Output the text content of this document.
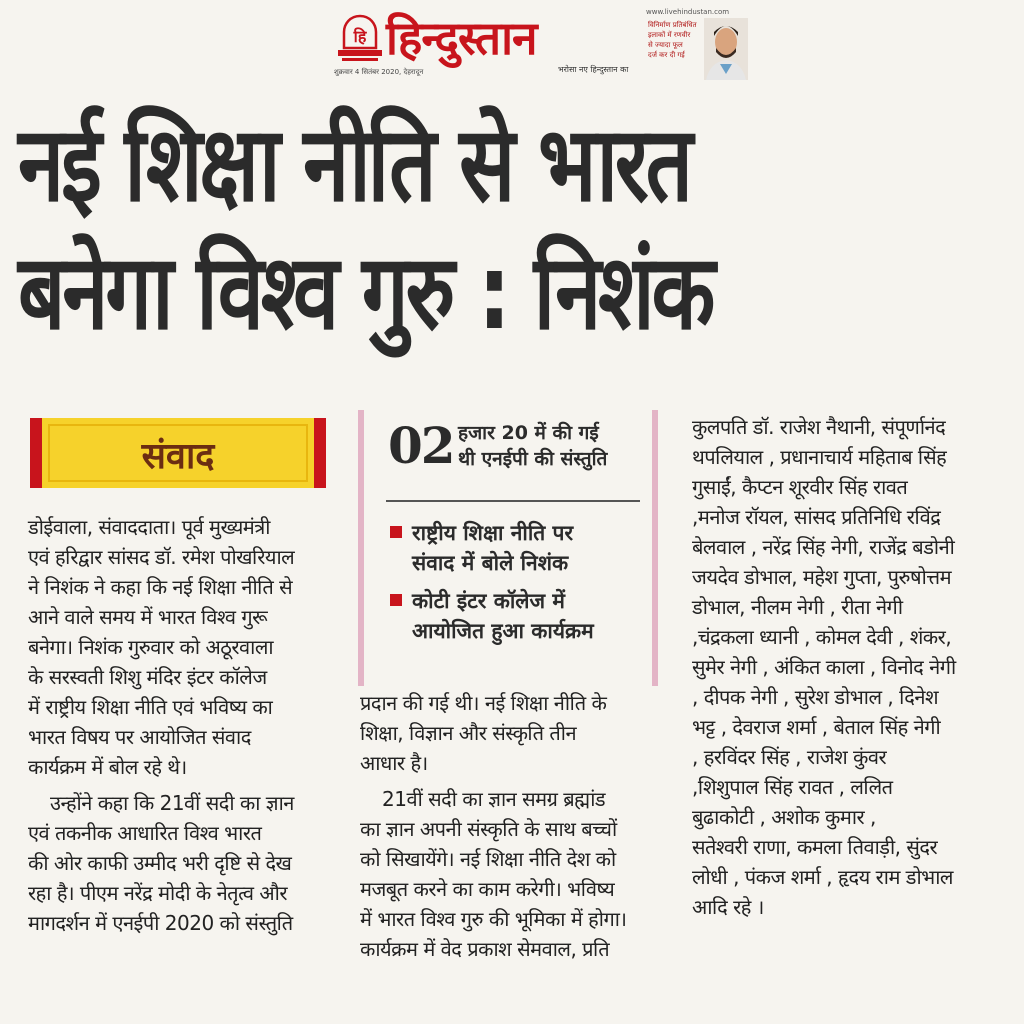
हि हिन्दुस्तान
शुक्रवार 4 सितंबर 2020, देहरादून	भरोसा नए हिन्दुस्तान का
www.livehindustan.com
विनिर्माण प्रतिबंधित
इलाकों में रणवीर
से ज्यादा फूल
दर्ज कर दी गई
नई शिक्षा नीति से भारत
बनेगा विश्व गुरु : निशंक
संवाद

डोईवाला, संवाददाता। पूर्व मुख्यमंत्री
एवं हरिद्वार सांसद डॉ. रमेश पोखरियाल
ने निशंक ने कहा कि नई शिक्षा नीति से
आने वाले समय में भारत विश्व गुरू
बनेगा। निशंक गुरुवार को अठूरवाला
के सरस्वती शिशु मंदिर इंटर कॉलेज
में राष्ट्रीय शिक्षा नीति एवं भविष्य का
भारत विषय पर आयोजित संवाद
कार्यक्रम में बोल रहे थे।

उन्होंने कहा कि 21वीं सदी का ज्ञान
एवं तकनीक आधारित विश्व भारत
की ओर काफी उम्मीद भरी दृष्टि से देख
रहा है। पीएम नरेंद्र मोदी के नेतृत्व और
मागदर्शन में एनईपी 2020 को संस्तुति

02 हजार 20 में की गई
थी एनईपी की संस्तुति
राष्ट्रीय शिक्षा नीति पर
संवाद में बोले निशंक
कोटी इंटर कॉलेज में
आयोजित हुआ कार्यक्रम

प्रदान की गई थी। नई शिक्षा नीति के
शिक्षा, विज्ञान और संस्कृति तीन
आधार है।

21वीं सदी का ज्ञान समग्र ब्रह्मांड
का ज्ञान अपनी संस्कृति के साथ बच्चों
को सिखायेंगे। नई शिक्षा नीति देश को
मजबूत करने का काम करेगी। भविष्य
में भारत विश्व गुरु की भूमिका में होगा।
कार्यक्रम में वेद प्रकाश सेमवाल, प्रति

कुलपति डॉ. राजेश नैथानी, संपूर्णानंद
थपलियाल , प्रधानाचार्य महिताब सिंह
गुसाईं, कैप्टन शूरवीर सिंह रावत
,मनोज रॉयल, सांसद प्रतिनिधि रविंद्र
बेलवाल , नरेंद्र सिंह नेगी, राजेंद्र बडोनी
जयदेव डोभाल, महेश गुप्ता, पुरुषोत्तम
डोभाल, नीलम नेगी , रीता नेगी
,चंद्रकला ध्यानी , कोमल देवी , शंकर,
सुमेर नेगी , अंकित काला , विनोद नेगी
, दीपक नेगी , सुरेश डोभाल , दिनेश
भट्ट , देवराज शर्मा , बेताल सिंह नेगी
, हरविंदर सिंह , राजेश कुंवर
,शिशुपाल सिंह रावत , ललित
बुढाकोटी , अशोक कुमार ,
सतेश्वरी राणा, कमला तिवाड़ी, सुंदर
लोधी , पंकज शर्मा , हृदय राम डोभाल
आदि रहे ।
